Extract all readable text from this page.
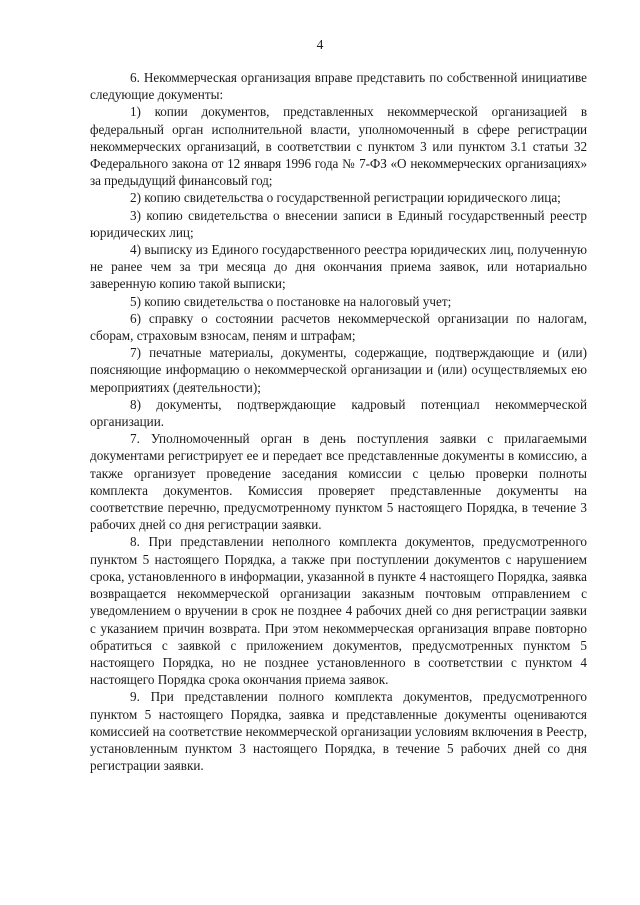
4

6. Некоммерческая организация вправе представить по собственной инициативе следующие документы:

1) копии документов, представленных некоммерческой организацией в федеральный орган исполнительной власти, уполномоченный в сфере регистрации некоммерческих организаций, в соответствии с пунктом 3 или пунктом 3.1 статьи 32 Федерального закона от 12 января 1996 года № 7-ФЗ «О некоммерческих организациях» за предыдущий финансовый год;

2) копию свидетельства о государственной регистрации юридического лица;

3) копию свидетельства о внесении записи в Единый государственный реестр юридических лиц;

4) выписку из Единого государственного реестра юридических лиц, полученную не ранее чем за три месяца до дня окончания приема заявок, или нотариально заверенную копию такой выписки;

5) копию свидетельства о постановке на налоговый учет;

6) справку о состоянии расчетов некоммерческой организации по налогам, сборам, страховым взносам, пеням и штрафам;

7) печатные материалы, документы, содержащие, подтверждающие и (или) поясняющие информацию о некоммерческой организации и (или) осуществляемых ею мероприятиях (деятельности);

8) документы, подтверждающие кадровый потенциал некоммерческой организации.

7. Уполномоченный орган в день поступления заявки с прилагаемыми документами регистрирует ее и передает все представленные документы в комиссию, а также организует проведение заседания комиссии с целью проверки полноты комплекта документов. Комиссия проверяет представленные документы на соответствие перечню, предусмотренному пунктом 5 настоящего Порядка, в течение 3 рабочих дней со дня регистрации заявки.

8. При представлении неполного комплекта документов, предусмотренного пунктом 5 настоящего Порядка, а также при поступлении документов с нарушением срока, установленного в информации, указанной в пункте 4 настоящего Порядка, заявка возвращается некоммерческой организации заказным почтовым отправлением с уведомлением о вручении в срок не позднее 4 рабочих дней со дня регистрации заявки с указанием причин возврата. При этом некоммерческая организация вправе повторно обратиться с заявкой с приложением документов, предусмотренных пунктом 5 настоящего Порядка, но не позднее установленного в соответствии с пунктом 4 настоящего Порядка срока окончания приема заявок.

9. При представлении полного комплекта документов, предусмотренного пунктом 5 настоящего Порядка, заявка и представленные документы оцениваются комиссией на соответствие некоммерческой организации условиям включения в Реестр, установленным пунктом 3 настоящего Порядка, в течение 5 рабочих дней со дня регистрации заявки.
